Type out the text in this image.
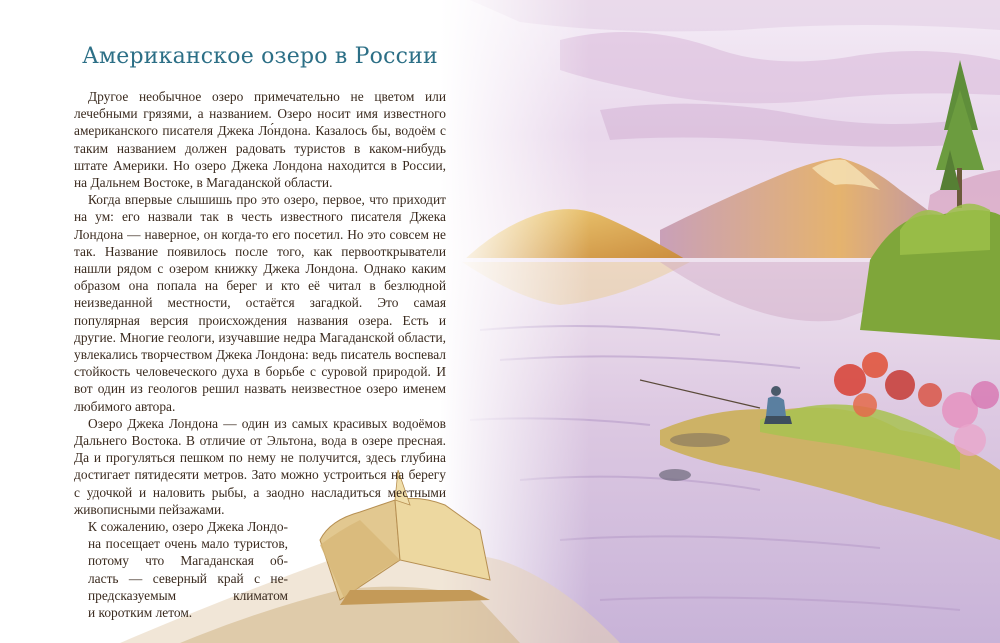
Американское озеро в России

Другое необычное озеро примечательно не цветом или лечебными грязями, а названием. Озеро носит имя известного американского писателя Джека Ло́ндона. Казалось бы, водоём с таким названием должен радовать туристов в каком-нибудь штате Америки. Но озеро Джека Лондона находится в России, на Дальнем Востоке, в Магаданской области.

Когда впервые слышишь про это озеро, первое, что приходит на ум: его назвали так в честь известного писателя Джека Лондона — наверное, он когда-то его посетил. Но это совсем не так. Название появилось после того, как первооткрыватели нашли рядом с озером книжку Джека Лондона. Однако каким образом она попала на берег и кто её читал в безлюдной неизведанной местности, остаётся загадкой. Это самая популярная версия происхождения названия озера. Есть и другие. Многие геологи, изучавшие недра Магаданской области, увлекались творчеством Джека Лондона: ведь писатель воспевал стойкость человеческого духа в борьбе с суровой природой. И вот один из геологов решил назвать неизвестное озеро именем любимого автора.

Озеро Джека Лондона — один из самых красивых водоёмов Дальнего Востока. В отличие от Эльтона, вода в озере пресная. Да и прогуляться пешком по нему не получится, здесь глубина достигает пятидесяти метров. Зато можно устроиться на берегу с удочкой и наловить рыбы, а заодно насладиться местными живописными пейзажами.

К сожалению, озеро Джека Лондо-
на посещает очень мало туристов,
потому что Магаданская об-
ласть — северный край с не-
предсказуемым климатом
и коротким летом.
